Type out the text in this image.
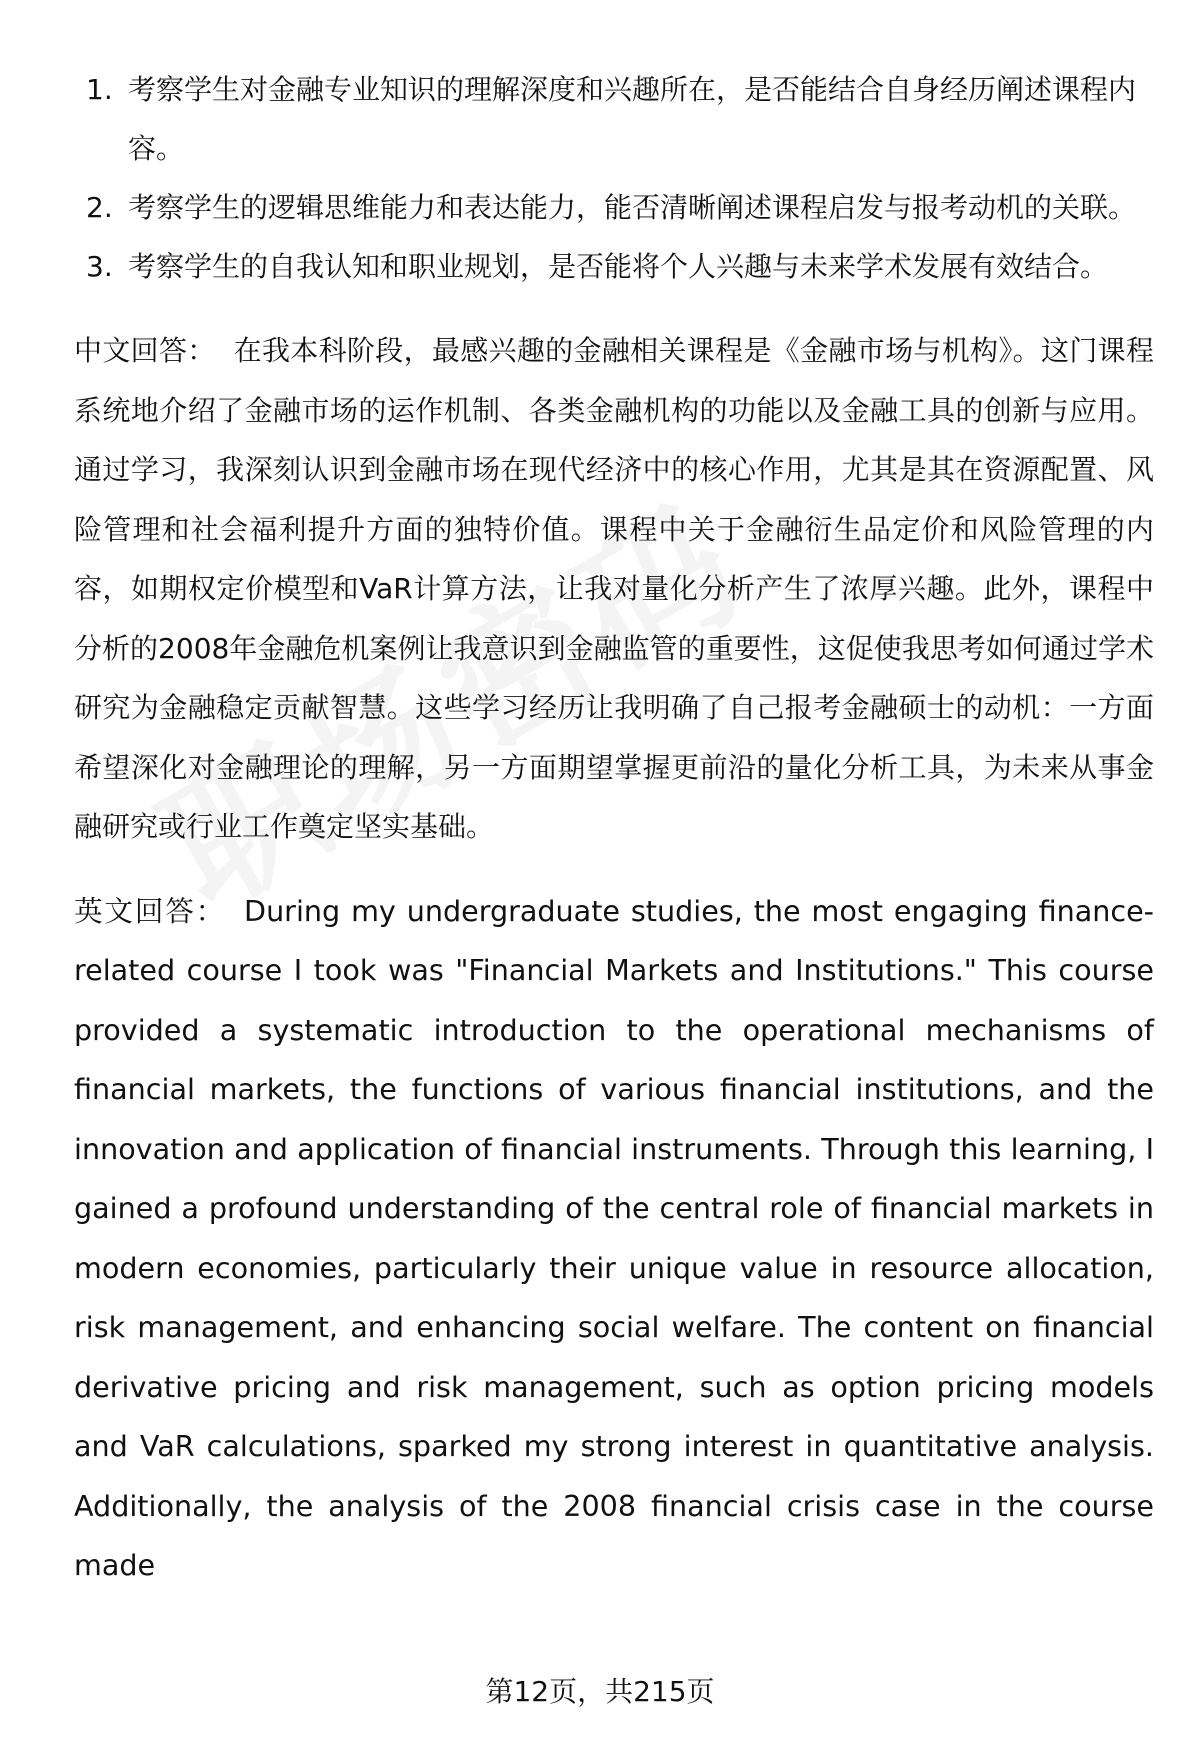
1. 考察学生对金融专业知识的理解深度和兴趣所在，是否能结合自身经历阐述课程内容。
2. 考察学生的逻辑思维能力和表达能力，能否清晰阐述课程启发与报考动机的关联。
3. 考察学生的自我认知和职业规划，是否能将个人兴趣与未来学术发展有效结合。

中文回答： 在我本科阶段，最感兴趣的金融相关课程是《金融市场与机构》。这门课程系统地介绍了金融市场的运作机制、各类金融机构的功能以及金融工具的创新与应用。通过学习，我深刻认识到金融市场在现代经济中的核心作用，尤其是其在资源配置、风险管理和社会福利提升方面的独特价值。课程中关于金融衍生品定价和风险管理的内容，如期权定价模型和VaR计算方法，让我对量化分析产生了浓厚兴趣。此外，课程中分析的2008年金融危机案例让我意识到金融监管的重要性，这促使我思考如何通过学术研究为金融稳定贡献智慧。这些学习经历让我明确了自己报考金融硕士的动机：一方面希望深化对金融理论的理解，另一方面期望掌握更前沿的量化分析工具，为未来从事金融研究或行业工作奠定坚实基础。

英文回答： During my undergraduate studies, the most engaging finance-related course I took was "Financial Markets and Institutions." This course provided a systematic introduction to the operational mechanisms of financial markets, the functions of various financial institutions, and the innovation and application of financial instruments. Through this learning, I gained a profound understanding of the central role of financial markets in modern economies, particularly their unique value in resource allocation, risk management, and enhancing social welfare. The content on financial derivative pricing and risk management, such as option pricing models and VaR calculations, sparked my strong interest in quantitative analysis. Additionally, the analysis of the 2008 financial crisis case in the course made

第12页，共215页
